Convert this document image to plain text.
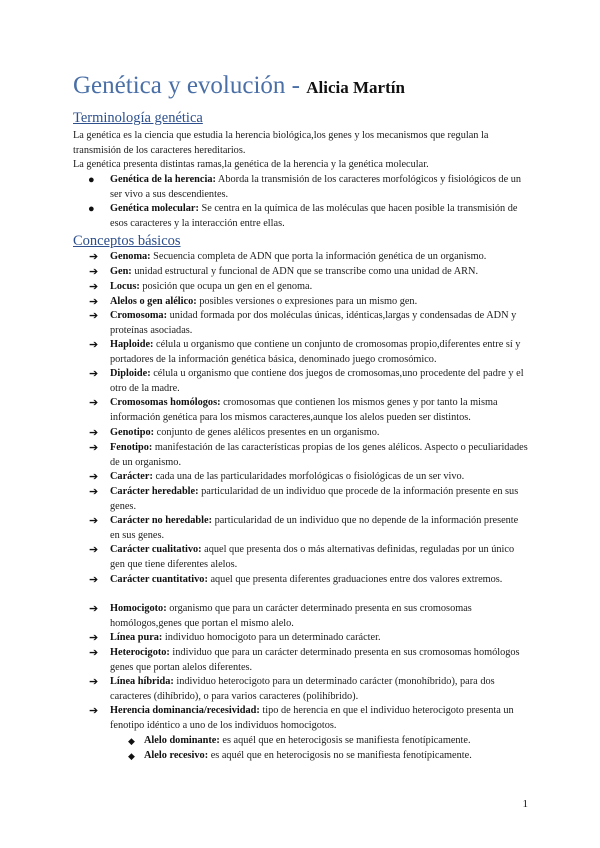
Genética y evolución - Alicia Martín
Terminología genética
La genética es la ciencia que estudia la herencia biológica,los genes y los mecanismos que regulan la transmisión de los caracteres hereditarios.
La genética presenta distintas ramas,la genética de la herencia y la genética molecular.
● Genética de la herencia: Aborda la transmisión de los caracteres morfológicos y fisiológicos de un ser vivo a sus descendientes.
● Genética molecular: Se centra en la química de las moléculas que hacen posible la transmisión de esos caracteres y la interacción entre ellas.
Conceptos básicos
➔ Genoma: Secuencia completa de ADN que porta la información genética de un organismo.
➔ Gen: unidad estructural y funcional de ADN que se transcribe como una unidad de ARN.
➔ Locus: posición que ocupa un gen en el genoma.
➔ Alelos o gen alélico: posibles versiones o expresiones para un mismo gen.
➔ Cromosoma: unidad formada por dos moléculas únicas, idénticas,largas y condensadas de ADN y proteínas asociadas.
➔ Haploide: célula u organismo que contiene un conjunto de cromosomas propio,diferentes entre sí y portadores de la información genética básica, denominado juego cromosómico.
➔ Diploide: célula u organismo que contiene dos juegos de cromosomas,uno procedente del padre y el otro de la madre.
➔ Cromosomas homólogos: cromosomas que contienen los mismos genes y por tanto la misma información genética para los mismos caracteres,aunque los alelos pueden ser distintos.
➔ Genotipo: conjunto de genes alélicos presentes en un organismo.
➔ Fenotipo: manifestación de las características propias de los genes alélicos. Aspecto o peculiaridades de un organismo.
➔ Carácter: cada una de las particularidades morfológicas o fisiológicas de un ser vivo.
➔ Carácter heredable: particularidad de un individuo que procede de la información presente en sus genes.
➔ Carácter no heredable: particularidad de un individuo que no depende de la información presente en sus genes.
➔ Carácter cualitativo: aquel que presenta dos o más alternativas definidas, reguladas por un único gen que tiene diferentes alelos.
➔ Carácter cuantitativo: aquel que presenta diferentes graduaciones entre dos valores extremos.
➔ Homocigoto: organismo que para un carácter determinado presenta en sus cromosomas homólogos,genes que portan el mismo alelo.
➔ Línea pura: individuo homocigoto para un determinado carácter.
➔ Heterocigoto: individuo que para un carácter determinado presenta en sus cromosomas homólogos genes que portan alelos diferentes.
➔ Línea híbrida: individuo heterocigoto para un determinado carácter (monohíbrido), para dos caracteres (dihíbrido), o para varios caracteres (polihíbrido).
➔ Herencia dominancia/recesividad: tipo de herencia en que el individuo heterocigoto presenta un fenotipo idéntico a uno de los individuos homocigotos.
◆ Alelo dominante: es aquél que en heterocigosis se manifiesta fenotípicamente.
◆ Alelo recesivo: es aquél que en heterocigosis no se manifiesta fenotípicamente.
1
